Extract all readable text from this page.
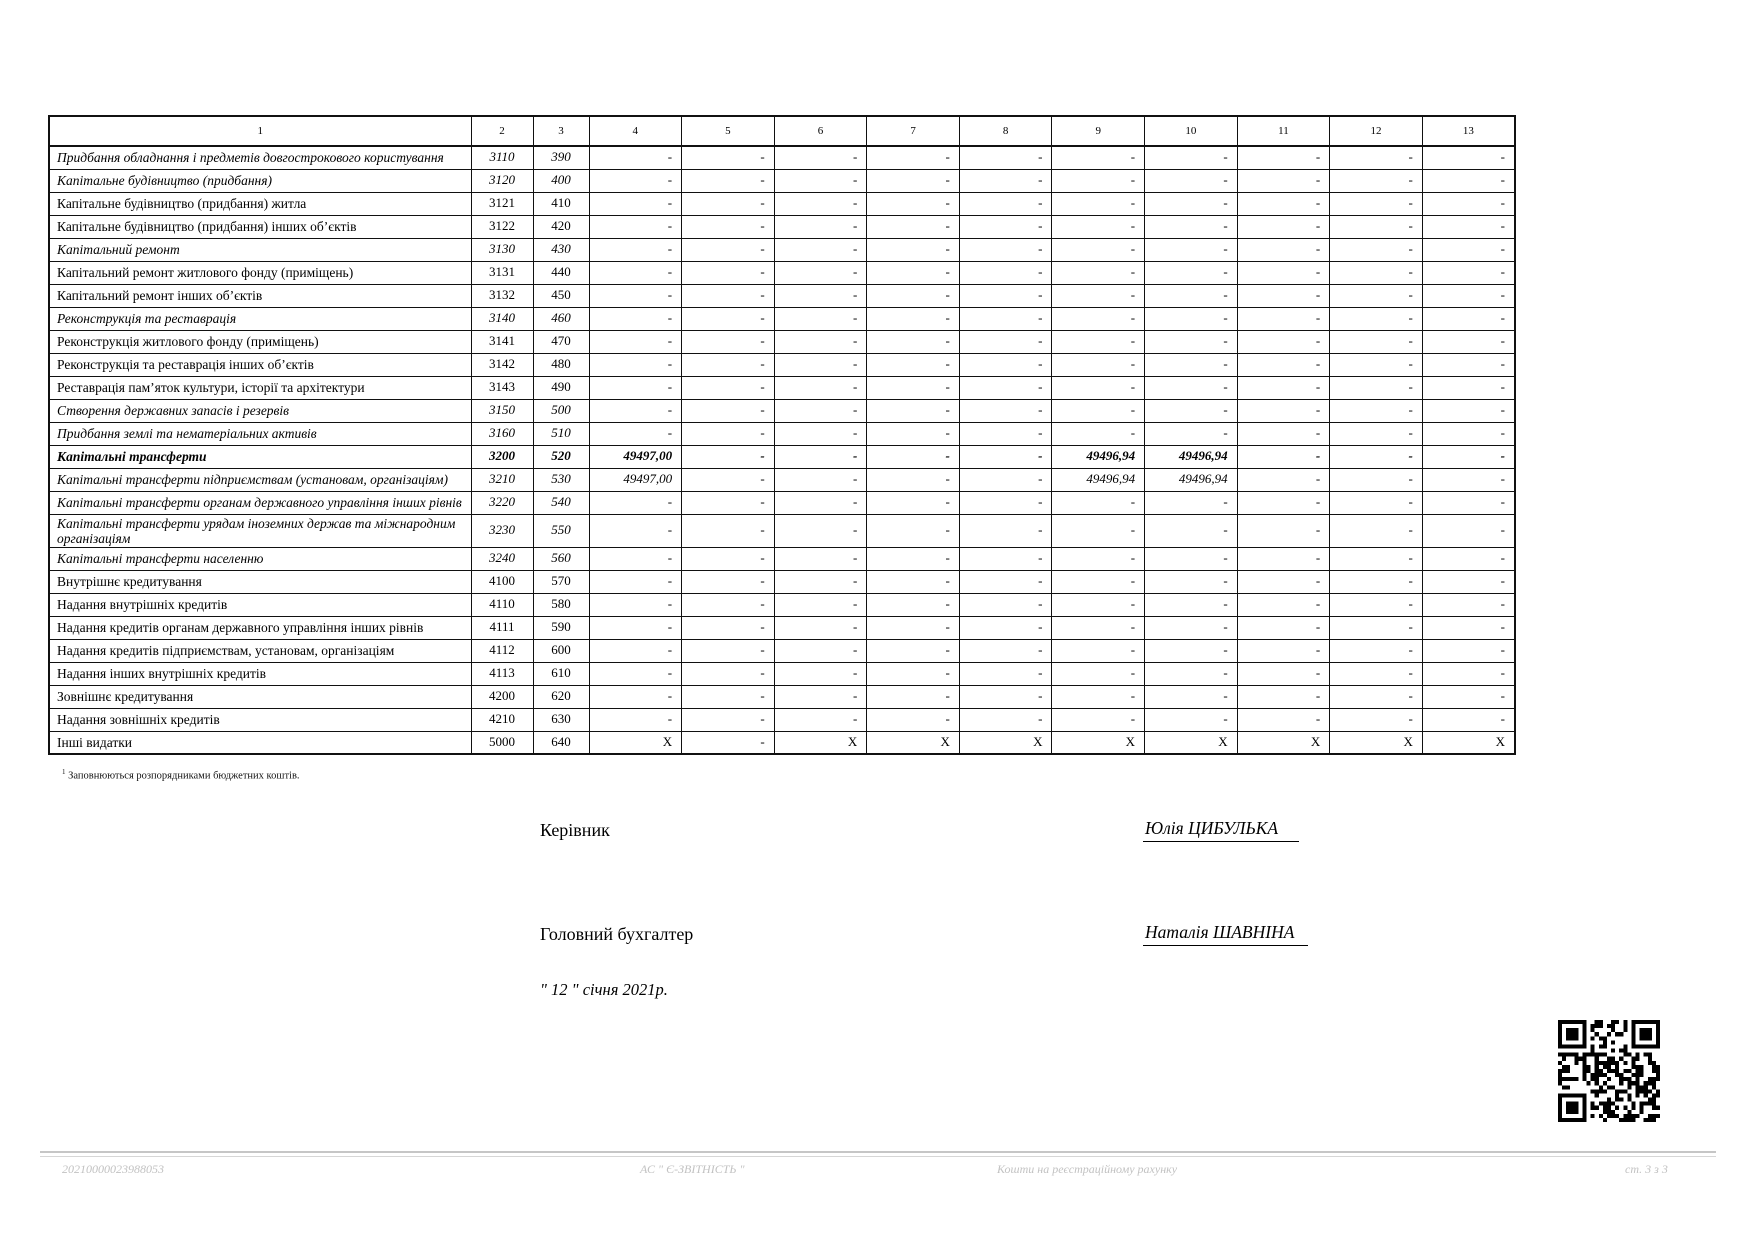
1	2	3	4	5	6	7	8	9	10	11	12	13
Придбання обладнання і предметів довгострокового користування	3110	390	-	-	-	-	-	-	-	-	-	-
Капітальне будівництво (придбання)	3120	400	-	-	-	-	-	-	-	-	-	-
Капітальне будівництво (придбання) житла	3121	410	-	-	-	-	-	-	-	-	-	-
Капітальне будівництво (придбання) інших об’єктів	3122	420	-	-	-	-	-	-	-	-	-	-
Капітальний ремонт	3130	430	-	-	-	-	-	-	-	-	-	-
Капітальний ремонт житлового фонду (приміщень)	3131	440	-	-	-	-	-	-	-	-	-	-
Капітальний ремонт інших об’єктів	3132	450	-	-	-	-	-	-	-	-	-	-
Реконструкція та реставрація	3140	460	-	-	-	-	-	-	-	-	-	-
Реконструкція житлового фонду (приміщень)	3141	470	-	-	-	-	-	-	-	-	-	-
Реконструкція та реставрація інших об’єктів	3142	480	-	-	-	-	-	-	-	-	-	-
Реставрація пам’яток культури, історії та архітектури	3143	490	-	-	-	-	-	-	-	-	-	-
Створення державних запасів і резервів	3150	500	-	-	-	-	-	-	-	-	-	-
Придбання землі та нематеріальних активів	3160	510	-	-	-	-	-	-	-	-	-	-
Капітальні трансферти	3200	520	49497,00	-	-	-	-	49496,94	49496,94	-	-	-
Капітальні трансферти підприємствам (установам, організаціям)	3210	530	49497,00	-	-	-	-	49496,94	49496,94	-	-	-
Капітальні трансферти органам державного управління інших рівнів	3220	540	-	-	-	-	-	-	-	-	-	-
Капітальні трансферти урядам іноземних держав та міжнародним організаціям	3230	550	-	-	-	-	-	-	-	-	-	-
Капітальні трансферти населенню	3240	560	-	-	-	-	-	-	-	-	-	-
Внутрішнє кредитування	4100	570	-	-	-	-	-	-	-	-	-	-
Надання внутрішніх кредитів	4110	580	-	-	-	-	-	-	-	-	-	-
Надання кредитів органам державного управління інших рівнів	4111	590	-	-	-	-	-	-	-	-	-	-
Надання кредитів підприємствам, установам, організаціям	4112	600	-	-	-	-	-	-	-	-	-	-
Надання інших внутрішніх кредитів	4113	610	-	-	-	-	-	-	-	-	-	-
Зовнішнє кредитування	4200	620	-	-	-	-	-	-	-	-	-	-
Надання зовнішніх кредитів	4210	630	-	-	-	-	-	-	-	-	-	-
Інші видатки	5000	640	X	-	X	X	X	X	X	X	X	X
$^1$ Заповнюються розпорядниками бюджетних коштів.
Керівник	Юлія ЦИБУЛЬКА
Головний бухгалтер	Наталія ШАВНІНА
" 12 " січня 2021р.
20210000023988053	АС " Є-ЗВІТНІСТЬ "	Кошти на реєстраційному рахунку	ст. 3 з 3
